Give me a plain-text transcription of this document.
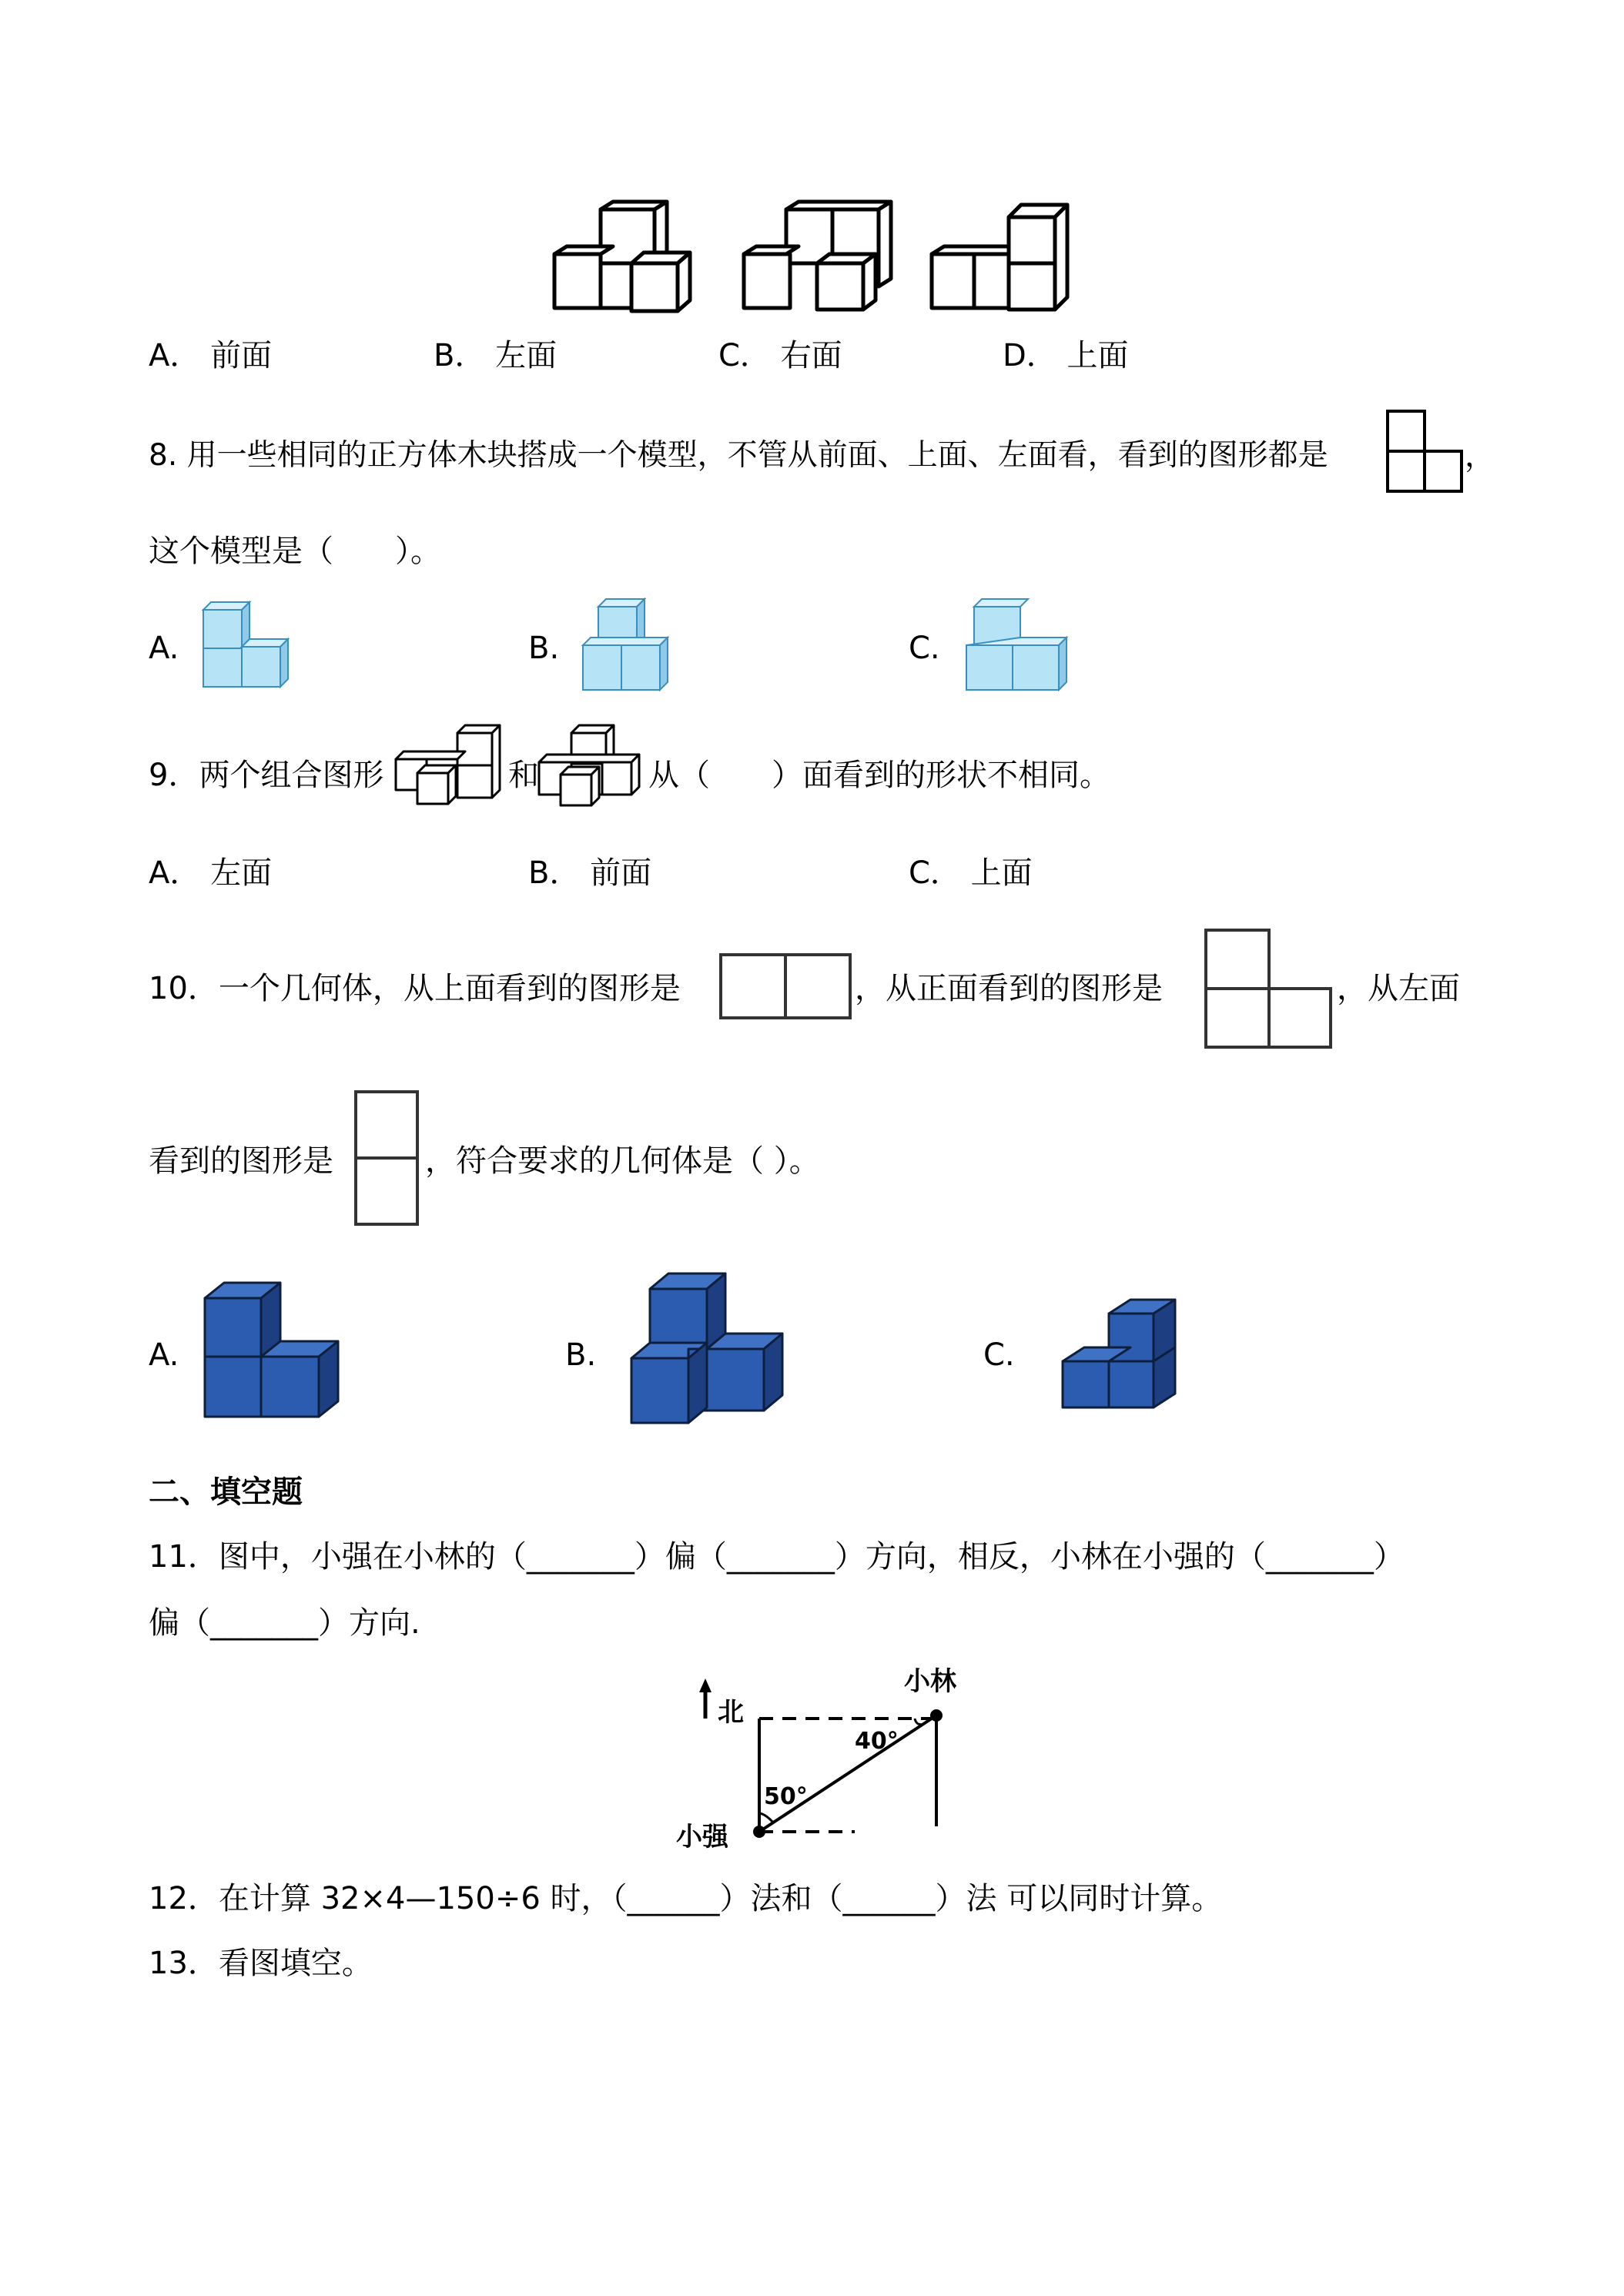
A． 前面	B． 左面	C． 右面	D． 上面
8. 用一些相同的正方体木块搭成一个模型，不管从前面、上面、左面看，看到的图形都是	，
这个模型是（　　）。
A.	B.	C.
9．两个组合图形	和	从（　　）面看到的形状不相同。
A． 左面	B． 前面	C． 上面
10．一个几何体，从上面看到的图形是	，从正面看到的图形是	，从左面
看到的图形是	，符合要求的几何体是（ ）。
A.	B.	C.
二、填空题
11．图中，小强在小林的（_______）偏（_______）方向，相反，小林在小强的（_______）
偏（_______）方向.
北
小林
小强
40°
50°
12．在计算 32×4—150÷6 时，（______）法和（______）法 可以同时计算。
13．看图填空。
